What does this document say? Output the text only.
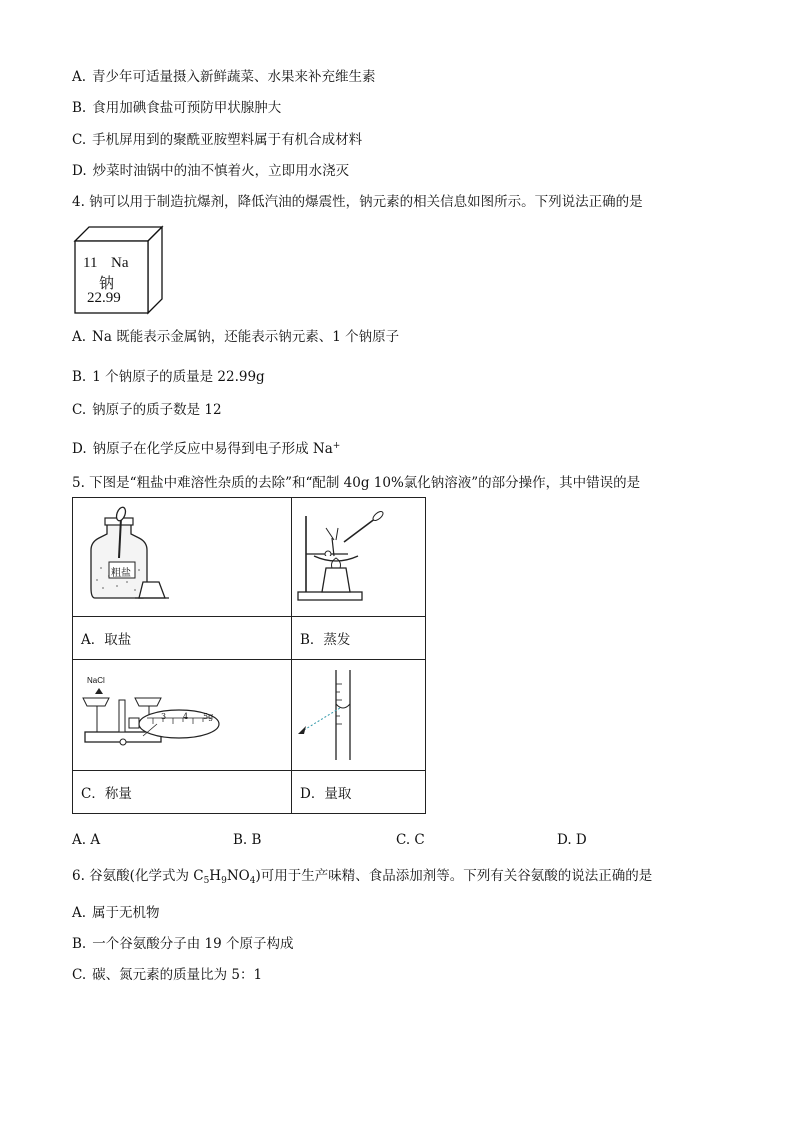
A. 青少年可适量摄入新鲜蔬菜、水果来补充维生素
B. 食用加碘食盐可预防甲状腺肿大
C. 手机屏用到的聚酰亚胺塑料属于有机合成材料
D. 炒菜时油锅中的油不慎着火，立即用水浇灭
4. 钠可以用于制造抗爆剂，降低汽油的爆震性，钠元素的相关信息如图所示。下列说法正确的是
11 Na
钠
22.99
A. Na 既能表示金属钠，还能表示钠元素、1 个钠原子
B. 1 个钠原子的质量是 22.99g
C. 钠原子的质子数是 12
D. 钠原子在化学反应中易得到电子形成 Na+
5. 下图是“粗盐中难溶性杂质的去除”和“配制 40g 10%氯化钠溶液”的部分操作，其中错误的是
粗盐

A．取盐	B．蒸发

NaCl
3 4 5g

C．称量	D．量取
A. A	B. B	C. C	D. D
6. 谷氨酸(化学式为 $C_5H_9NO_4$)可用于生产味精、食品添加剂等。下列有关谷氨酸的说法正确的是
A. 属于无机物
B. 一个谷氨酸分子由 19 个原子构成
C. 碳、氮元素的质量比为 5：1
